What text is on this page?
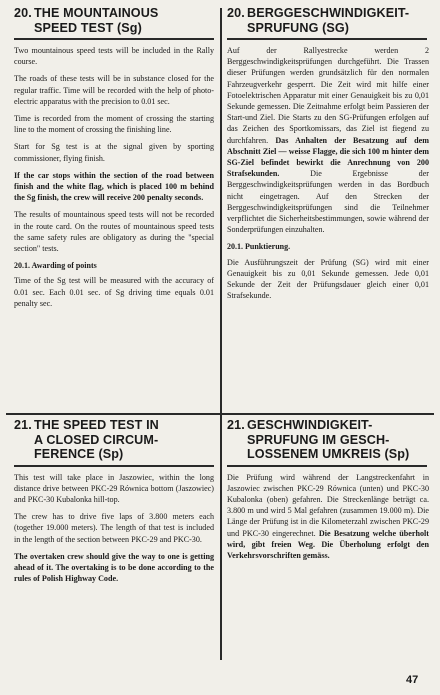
20. THE MOUNTAINOUS
SPEED TEST (Sg)

Two mountainous speed tests will be included in the Rally course.

The roads of these tests will be in substance closed for the regular traffic. Time will be recorded with the help of photo-electric apparatus with the precision to 0.01 sec.

Time is recorded from the moment of crossing the starting line to the moment of crossing the finishing line.

Start for Sg test is at the signal given by sporting commissioner, flying finish.

If the car stops within the section of the road between finish and the white flag, which is placed 100 m behind the Sg finish, the crew will receive 200 penalty seconds.

The results of mountainous speed tests will not be recorded in the route card. On the routes of mountainous speed tests the same safety rules are obligatory as during the "special section" tests.

20.1. Awarding of points

Time of the Sg test will be measured with the accuracy of 0.01 sec. Each 0.01 sec. of Sg driving time equals 0.01 penalty sec.

20. BERGGESCHWINDIGKEIT-
SPRUFUNG (SG)

Auf der Rallyestrecke werden 2 Berggeschwindigkeitsprüfungen durchgeführt. Die Trassen dieser Prüfungen werden grundsätzlich für den normalen Fahrzeugverkehr gesperrt. Die Zeit wird mit hilfe einer Fotoelektrischen Apparatur mit einer Genauigkeit bis zu 0,01 Sekunde gemessen. Die Zeitnahme erfolgt beim Passieren der Start-und Ziel. Die Starts zu den SG-Prüfungen erfolgen auf das Zeichen des Sportkomissars, das Ziel ist fiegend zu durchfahren. Das Anhalten der Besatzung auf dem Abschnitt Ziel — weisse Flagge, die sich 100 m hinter dem SG-Ziel befindet bewirkt die Anrechnung von 200 Strafsekunden.	Die Ergebnisse der Berggeschwindigkeitsprüfungen werden in das Bordbuch nicht eingetragen. Auf den Strecken der Berggeschwindigkeitsprüfungen sind die Teilnehmer verpflichtet die Sicherheitsbestimmungen, sowie während der Sonderprüfungen einzuhalten.

20.1. Punktierung.

Die Ausführungszeit der Prüfung (SG) wird mit einer Genauigkeit bis zu 0,01 Sekunde gemessen. Jede 0,01 Sekunde der Zeit der Prüfungsdauer gleich einer 0,01 Strafsekunde.

21. THE SPEED TEST IN
A CLOSED CIRCUM-
FERENCE (Sp)

This test will take place in Jaszowiec, within the long distance drive between PKC-29 Równica bottom (Jaszowiec) and PKC-30 Kubalonka hill-top.

The crew has to drive five laps of 3.800 meters each (together 19.000 meters). The length of that test is included in the length of the section between PKC-29 and PKC-30.

The overtaken crew should give the way to one is getting ahead of it. The overtaking is to be done according to the rules of Polish Highway Code.

21. GESCHWINDIGKEIT-
SPRUFUNG IM GESCH-
LOSSENEM UMKREIS (Sp)

Die Prüfung wird während der Langstreckenfahrt in Jaszowiec zwischen PKC-29 Równica (unten) und PKC-30 Kubalonka (oben) gefahren. Die Streckenlänge beträgt ca. 3.800 m und wird 5 Mal gefahren (zusammen 19.000 m). Die Länge der Prüfung ist in die Kilometerzahl zwischen PKC-29 und PKC-30 eingerechnet. Die Besatzung welche überholt wird, gibt freien Weg. Die Überholung erfolgt den Verkehrsvorschriften gemäss.

47
